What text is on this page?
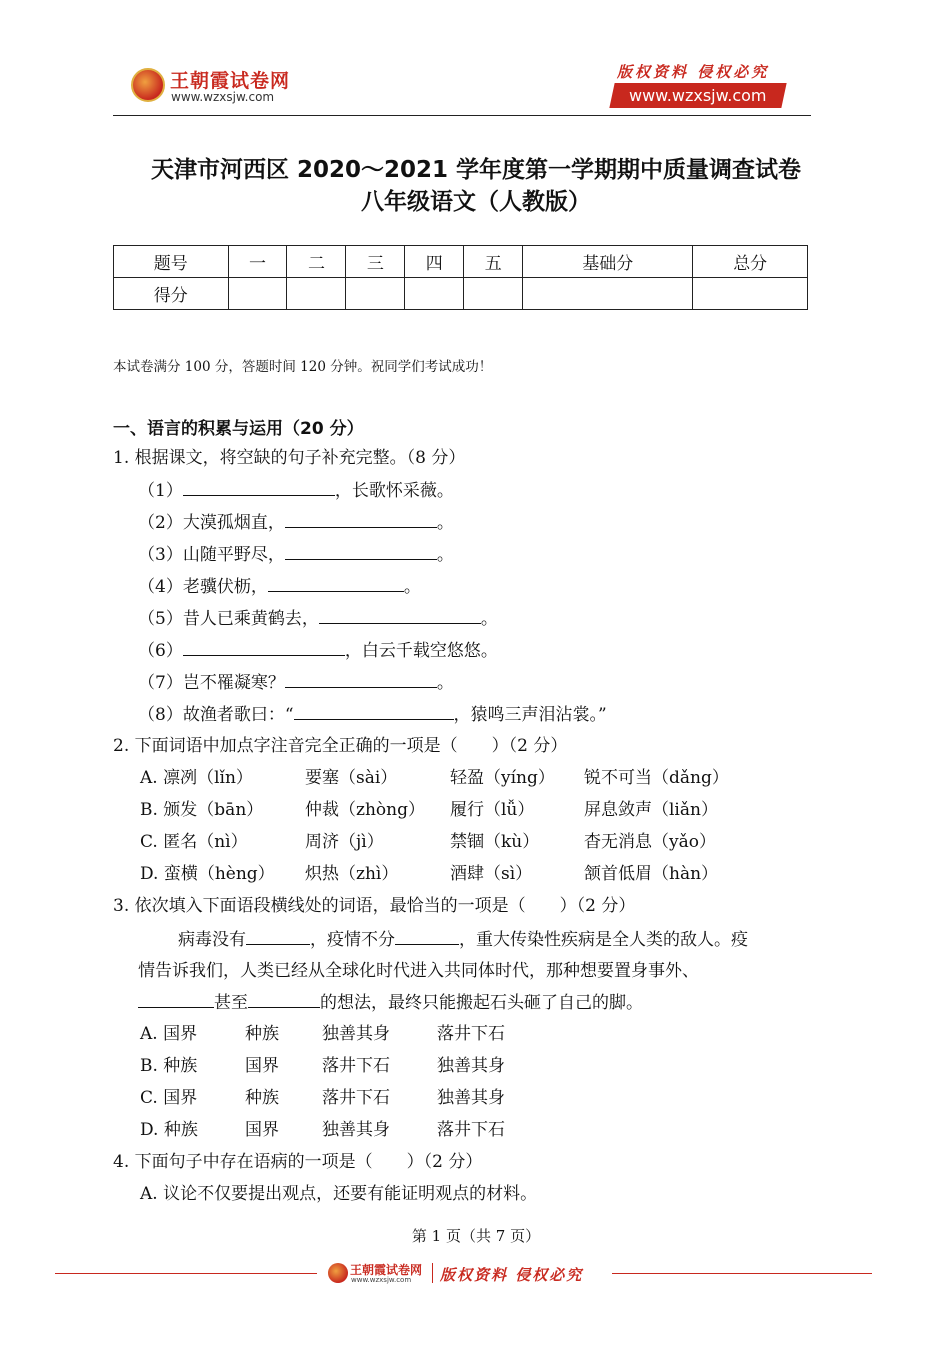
王朝霞试卷网
www.wzxsjw.com
版权资料 侵权必究
www.wzxsjw.com
天津市河西区 2020～2021 学年度第一学期期中质量调查试卷
八年级语文（人教版）
题号	一	二	三	四	五	基础分	总分
得分							
本试卷满分 100 分，答题时间 120 分钟。祝同学们考试成功！
一、语言的积累与运用（20 分）
1. 根据课文，将空缺的句子补充完整。（8 分）
（1）	，长歌怀采薇。
（2）大漠孤烟直，	。
（3）山随平野尽，	。
（4）老骥伏枥，	。
（5）昔人已乘黄鹤去，	。
（6）	，白云千载空悠悠。
（7）岂不罹凝寒？	。
（8）故渔者歌曰：“	，猿鸣三声泪沾裳。”
2. 下面词语中加点字注音完全正确的一项是（　　）（2 分）
A. 凛冽（lǐn）	要塞（sài）	轻盈（yíng） 锐不可当（dǎng）
B. 颁发（bān） 仲裁（zhòng） 履行（lǚ）	屏息敛声（liǎn）
C. 匿名（nì）	周济（jì）	禁锢（kù）	杳无消息（yǎo）
D. 蛮横（hèng） 炽热（zhì）	酒肆（sì）	颔首低眉（hàn）
3. 依次填入下面语段横线处的词语，最恰当的一项是（　　）（2 分）
病毒没有	，疫情不分	，重大传染性疾病是全人类的敌人。疫
情告诉我们，人类已经从全球化时代进入共同体时代，那种想要置身事外、
甚至	的想法，最终只能搬起石头砸了自己的脚。
A. 国界	种族	独善其身	落井下石
B. 种族	国界	落井下石	独善其身
C. 国界	种族	落井下石	独善其身
D. 种族	国界	独善其身	落井下石
4. 下面句子中存在语病的一项是（　　）（2 分）
A. 议论不仅要提出观点，还要有能证明观点的材料。
第 1 页（共 7 页）
王朝霞试卷网
www.wzxsjw.com 版权资料 侵权必究
